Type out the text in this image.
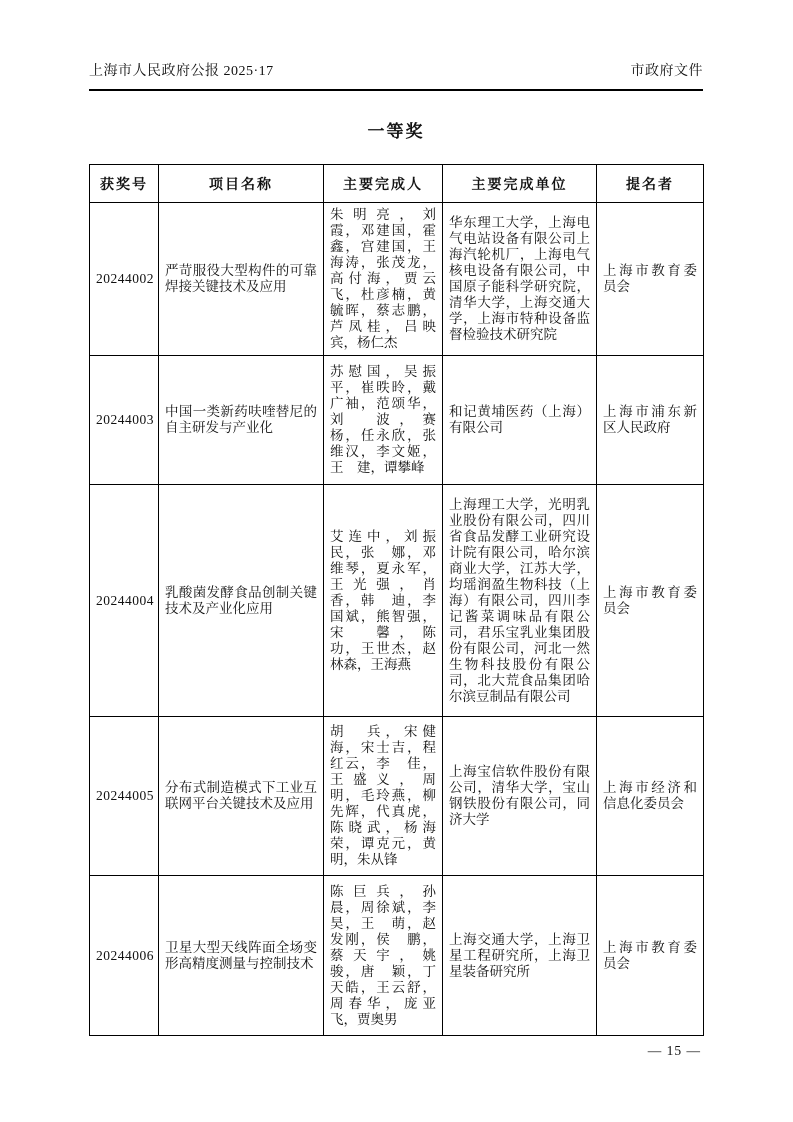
上海市人民政府公报 2025·17	市政府文件
一等奖
获奖号	项目名称	主要完成人	主要完成单位	提名者
20244002	严苛服役大型构件的可靠焊接关键技术及应用	朱明亮，刘　霞，邓建国，霍　鑫，宫建国，王海涛，张茂龙，高付海，贾云飞，杜彦楠，黄毓晖，蔡志鹏，芦凤桂，吕映宾，杨仁杰	华东理工大学，上海电气电站设备有限公司上海汽轮机厂，上海电气核电设备有限公司，中国原子能科学研究院，清华大学，上海交通大学，上海市特种设备监督检验技术研究院	上海市教育委员会
20244003	中国一类新药呋喹替尼的自主研发与产业化	苏慰国，吴振平，崔昳昤，戴广袖，范颂华，刘　波，赛　杨，任永欣，张维汉，李文姬，王　建，谭攀峰	和记黄埔医药（上海）有限公司	上海市浦东新区人民政府
20244004	乳酸菌发酵食品创制关键技术及产业化应用	艾连中，刘振民，张　娜，邓维琴，夏永军，王光强，肖　香，韩　迪，李国斌，熊智强，宋　馨，陈　功，王世杰，赵林森，王海燕	上海理工大学，光明乳业股份有限公司，四川省食品发酵工业研究设计院有限公司，哈尔滨商业大学，江苏大学，均瑶润盈生物科技（上海）有限公司，四川李记酱菜调味品有限公司，君乐宝乳业集团股份有限公司，河北一然生物科技股份有限公司，北大荒食品集团哈尔滨豆制品有限公司	上海市教育委员会
20244005	分布式制造模式下工业互联网平台关键技术及应用	胡　兵，宋健海，宋士吉，程红云，李　佳，王盛义，周　明，毛玲燕，柳先辉，代真虎，陈晓武，杨海荣，谭克元，黄　明，朱从锋	上海宝信软件股份有限公司，清华大学，宝山钢铁股份有限公司，同济大学	上海市经济和信息化委员会
20244006	卫星大型天线阵面全场变形高精度测量与控制技术	陈巨兵，孙　晨，周徐斌，李　昊，王　萌，赵发刚，侯　鹏，蔡天宇，姚　骏，唐　颖，丁天皓，王云舒，周春华，庞亚飞，贾奥男	上海交通大学，上海卫星工程研究所，上海卫星装备研究所	上海市教育委员会
— 15 —
